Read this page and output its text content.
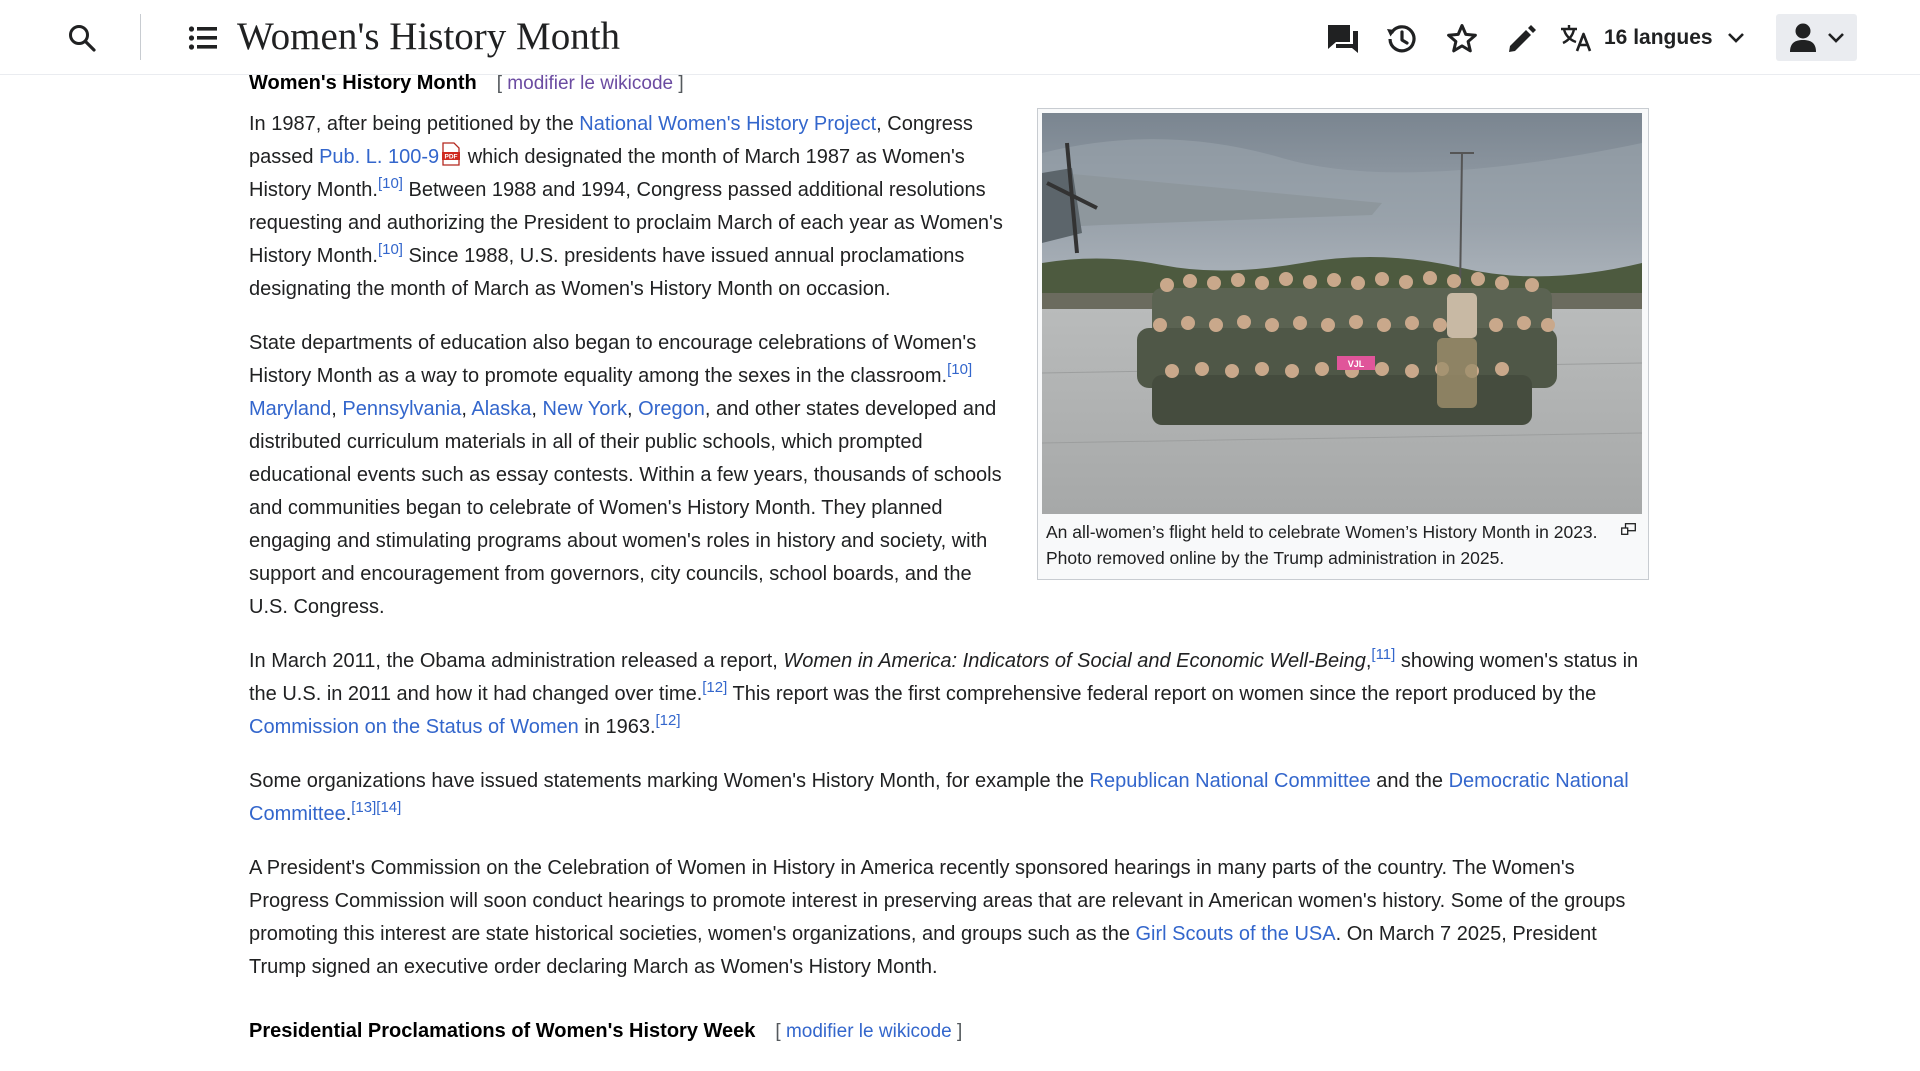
Women's History Month	16 langues
Women's History Month [ modifier le wikicode ]
VJL
An all-women’s flight held to celebrate Women’s History Month in 2023. Photo removed online by the Trump administration in 2025.

In 1987, after being petitioned by the National Women's History Project, Congress passed Pub. L. 100-9 PDF which designated the month of March 1987 as Women's History Month.[10] Between 1988 and 1994, Congress passed additional resolutions requesting and authorizing the President to proclaim March of each year as Women's History Month.[10] Since 1988, U.S. presidents have issued annual proclamations designating the month of March as Women's History Month on occasion.

State departments of education also began to encourage celebrations of Women's History Month as a way to promote equality among the sexes in the classroom.[10] Maryland, Pennsylvania, Alaska, New York, Oregon, and other states developed and distributed curriculum materials in all of their public schools, which prompted educational events such as essay contests. Within a few years, thousands of schools and communities began to celebrate of Women's History Month. They planned engaging and stimulating programs about women's roles in history and society, with support and encouragement from governors, city councils, school boards, and the U.S. Congress.

In March 2011, the Obama administration released a report, Women in America: Indicators of Social and Economic Well-Being,[11] showing women's status in the U.S. in 2011 and how it had changed over time.[12] This report was the first comprehensive federal report on women since the report produced by the Commission on the Status of Women in 1963.[12]

Some organizations have issued statements marking Women's History Month, for example the Republican National Committee and the Democratic National Committee.[13][14]

A President's Commission on the Celebration of Women in History in America recently sponsored hearings in many parts of the country. The Women's Progress Commission will soon conduct hearings to promote interest in preserving areas that are relevant in American women's history. Some of the groups promoting this interest are state historical societies, women's organizations, and groups such as the Girl Scouts of the USA. On March 7 2025, President Trump signed an executive order declaring March as Women's History Month.

Presidential Proclamations of Women's History Week [ modifier le wikicode ]
